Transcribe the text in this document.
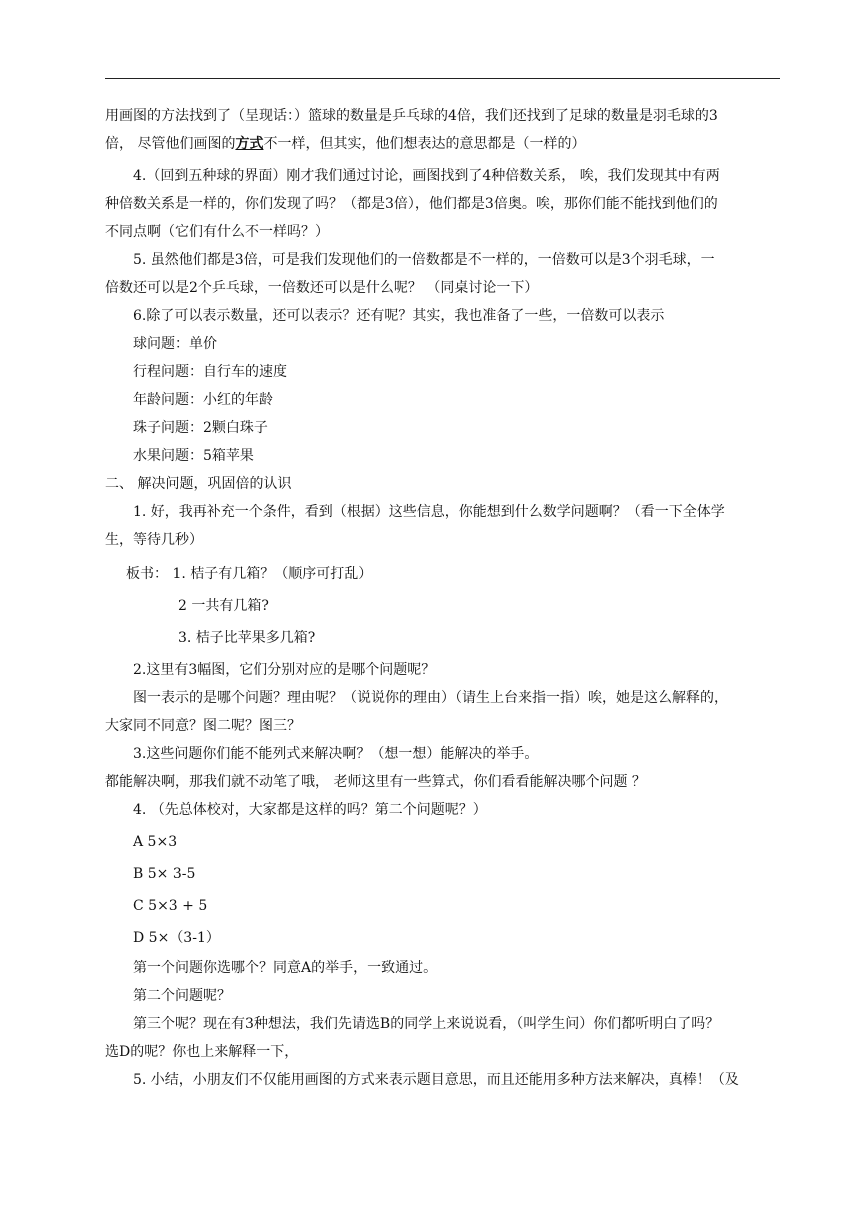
用画图的方法找到了（呈现话：）篮球的数量是乒乓球的4倍，我们还找到了足球的数量是羽毛球的3
倍， 尽管他们画图的方式不一样，但其实，他们想表达的意思都是（一样的）
4.（回到五种球的界面）刚才我们通过讨论，画图找到了4种倍数关系， 唉，我们发现其中有两
种倍数关系是一样的，你们发现了吗？（都是3倍），他们都是3倍奥。唉，那你们能不能找到他们的
不同点啊（它们有什么不一样吗？）
5. 虽然他们都是3倍，可是我们发现他们的一倍数都是不一样的，一倍数可以是3个羽毛球，一
倍数还可以是2个乒乓球，一倍数还可以是什么呢？ （同桌讨论一下）
6.除了可以表示数量，还可以表示？还有呢？其实，我也准备了一些，一倍数可以表示
球问题：单价
行程问题：自行车的速度
年龄问题：小红的年龄
珠子问题：2颗白珠子
水果问题：5箱苹果
二、 解决问题，巩固倍的认识
1. 好，我再补充一个条件，看到（根据）这些信息，你能想到什么数学问题啊？（看一下全体学
生，等待几秒）
板书： 1. 桔子有几箱？（顺序可打乱）
2 一共有几箱?
3. 桔子比苹果多几箱?
2.这里有3幅图，它们分别对应的是哪个问题呢？
图一表示的是哪个问题？理由呢？（说说你的理由）（请生上台来指一指）唉，她是这么解释的，
大家同不同意？图二呢？图三？
3.这些问题你们能不能列式来解决啊？（想一想）能解决的举手。
都能解决啊，那我们就不动笔了哦， 老师这里有一些算式，你们看看能解决哪个问题 ？
4. （先总体校对，大家都是这样的吗？第二个问题呢？）
A 5×3
B 5× 3-5
C 5×3 + 5
D 5×（3-1）
第一个问题你选哪个？同意A的举手，一致通过。
第二个问题呢？
第三个呢？现在有3种想法，我们先请选B的同学上来说说看，（叫学生问）你们都听明白了吗？
选D的呢？你也上来解释一下，
5. 小结，小朋友们不仅能用画图的方式来表示题目意思，而且还能用多种方法来解决，真棒！（及
